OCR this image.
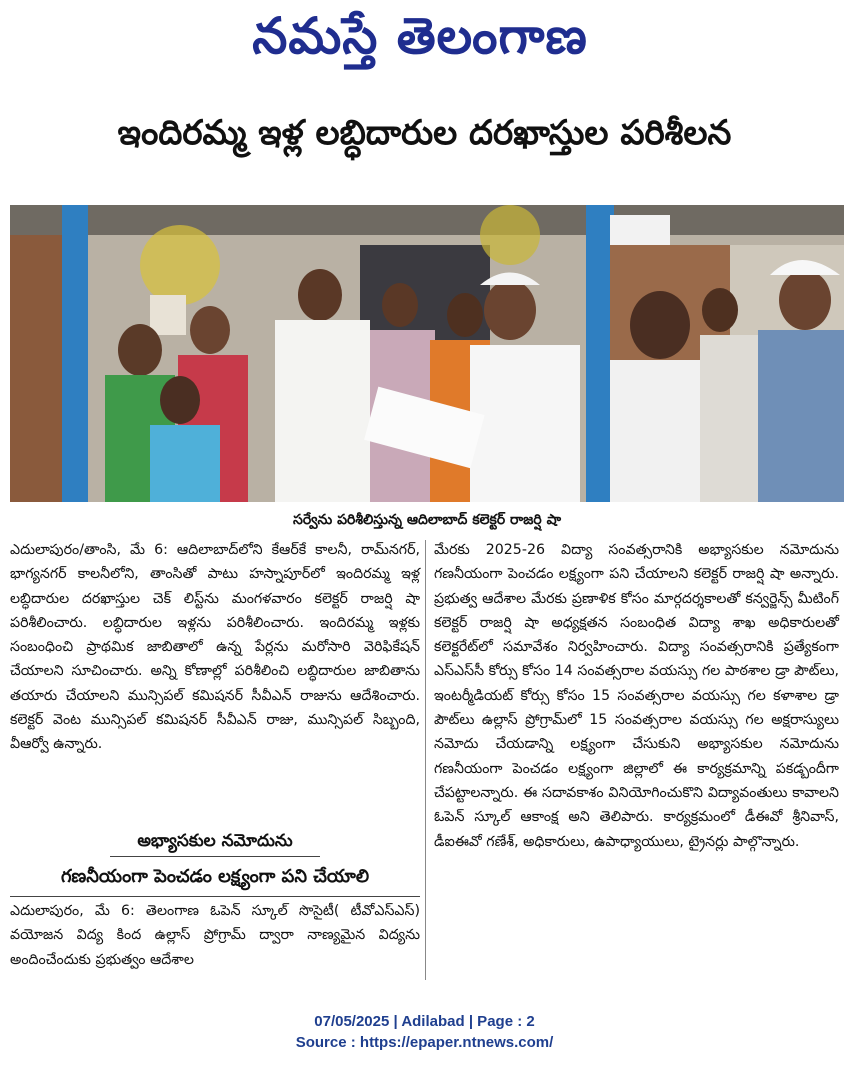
నమస్తే తెలంగాణ
ఇందిరమ్మ ఇళ్ల లబ్ధిదారుల దరఖాస్తుల పరిశీలన
సర్వేను పరిశీలిస్తున్న ఆదిలాబాద్ కలెక్టర్ రాజర్షి షా

ఎదులాపురం/తాంసి, మే 6: ఆదిలాబాద్‌లోని కేఆర్‌కే కాలనీ, రామ్‌నగర్, భాగ్యనగర్ కాలనీలోని, తాంసితో పాటు హస్నాపూర్‌లో ఇందిరమ్మ ఇళ్ల లబ్ధిదారుల దరఖాస్తుల చెక్ లిస్ట్‌ను మంగళవారం కలెక్టర్ రాజర్షి షా పరిశీలించారు. లబ్ధిదారుల ఇళ్లను పరిశీలించారు. ఇందిరమ్మ ఇళ్లకు సంబంధించి ప్రాథమిక జాబితాలో ఉన్న పేర్లను మరోసారి వెరిఫికేషన్ చేయాలని సూచించారు. అన్ని కోణాల్లో పరిశీలించి లబ్ధిదారుల జాబితాను తయారు చేయాలని మున్సిపల్ కమిషనర్ సీవీఎన్ రాజును ఆదేశించారు. కలెక్టర్ వెంట మున్సిపల్ కమిషనర్ సీవీఎన్ రాజు, మున్సిపల్ సిబ్బంది, వీఆర్వో ఉన్నారు.

అభ్యాసకుల నమోదును
గణనీయంగా పెంచడం లక్ష్యంగా పని చేయాలి

ఎదులాపురం, మే 6: తెలంగాణ ఓపెన్ స్కూల్ సొసైటీ( టీవోఎస్ఎస్) వయోజన విద్య కింద ఉల్లాస్ ప్రోగ్రామ్ ద్వారా నాణ్యమైన విద్యను అందించేందుకు ప్రభుత్వం ఆదేశాల

మేరకు 2025-26 విద్యా సంవత్సరానికి అభ్యాసకుల నమోదును గణనీయంగా పెంచడం లక్ష్యంగా పని చేయాలని కలెక్టర్ రాజర్షి షా అన్నారు. ప్రభుత్వ ఆదేశాల మేరకు ప్రణాళిక కోసం మార్గదర్శకాలతో కన్వర్జెన్స్ మీటింగ్ కలెక్టర్ రాజర్షి షా అధ్యక్షతన సంబంధిత విద్యా శాఖ అధికారులతో కలెక్టరేట్‌లో సమావేశం నిర్వహించారు. విద్యా సంవత్సరానికి ప్రత్యేకంగా ఎస్ఎస్‌సీ కోర్సు కోసం 14 సంవత్సరాల వయస్సు గల పాఠశాల డ్రా పౌట్‌లు, ఇంటర్మీడియట్ కోర్సు కోసం 15 సంవత్సరాల వయస్సు గల కళాశాల డ్రా పౌట్‌లు ఉల్లాస్ ప్రోగ్రామ్‌లో 15 సంవత్సరాల వయస్సు గల అక్షరాస్యులు నమోదు చేయడాన్ని లక్ష్యంగా చేసుకుని అభ్యాసకుల నమోదును గణనీయంగా పెంచడం లక్ష్యంగా జిల్లాలో ఈ కార్యక్రమాన్ని పకడ్బందీగా చేపట్టాలన్నారు. ఈ సదావకాశం వినియోగించుకొని విద్యావంతులు కావాలని ఓపెన్ స్కూల్ ఆకాంక్ష అని తెలిపారు. కార్యక్రమంలో డీఈవో శ్రీనివాస్, డీఐఈవో గణేశ్, అధికారులు, ఉపాధ్యాయులు, ట్రైనర్లు పాల్గొన్నారు.

07/05/2025 | Adilabad | Page : 2
Source : https://epaper.ntnews.com/
